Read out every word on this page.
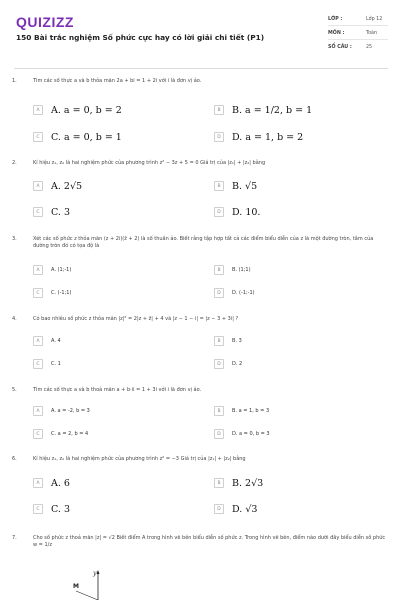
QUIZIZZ
150 Bài trắc nghiệm Số phức cực hay có lời giải chi tiết (P1)
LỚP :	Lớp 12
MÔN :	Toán
SỐ CÂU :	25
1.	Tìm các số thực a và b thỏa mãn 2a + bi = 1 + 2i với i là đơn vị ảo.
A	A. a = 0, b = 2	B	B. a = 1/2, b = 1
C	C. a = 0, b = 1	D	D. a = 1, b = 2
2.	Kí hiệu z₁, z₂ là hai nghiệm phức của phương trình z² − 3z + 5 = 0 Giá trị của |z₁| + |z₂| bằng
A	A. 2√5	B	B. √5
C	C. 3	D	D. 10.
3.	Xét các số phức z thỏa mãn (z + 2i)(z̄ + 2) là số thuần ảo. Biết rằng tập hợp tất cả các điểm biểu diễn của z là một đường tròn, tâm của đường tròn đó có tọa độ là
A	A. (1;-1)	B	B. (1;1)
C	C. (-1;1)	D	D. (-1;-1)
4.	Có bao nhiêu số phức z thỏa mãn |z|² = 2|z + z̄| + 4 và |z − 1 − i| = |z − 3 + 3i| ?
A	A. 4	B	B. 3
C	C. 1	D	D. 2
5.	Tìm các số thực a và b thoả mãn a + b·ii = 1 + 3i với i là đơn vị ảo.
A	A. a = -2, b = 3	B	B. a = 1, b = 3
C	C. a = 2, b = 4	D	D. a = 0, b = 3
6.	Kí hiệu z₁, z₂ là hai nghiệm phức của phương trình z² = −3 Giá trị của |z₁| + |z₂| bằng
A	A. 6	B	B. 2√3
C	C. 3	D	D. √3
7.	Cho số phức z thoả mãn |z| = √2 Biết điểm A trong hình vẽ bên biểu diễn số phức z. Trong hình vẽ bên, điểm nào dưới đây biểu diễn số phức w = 1/z
y
M
